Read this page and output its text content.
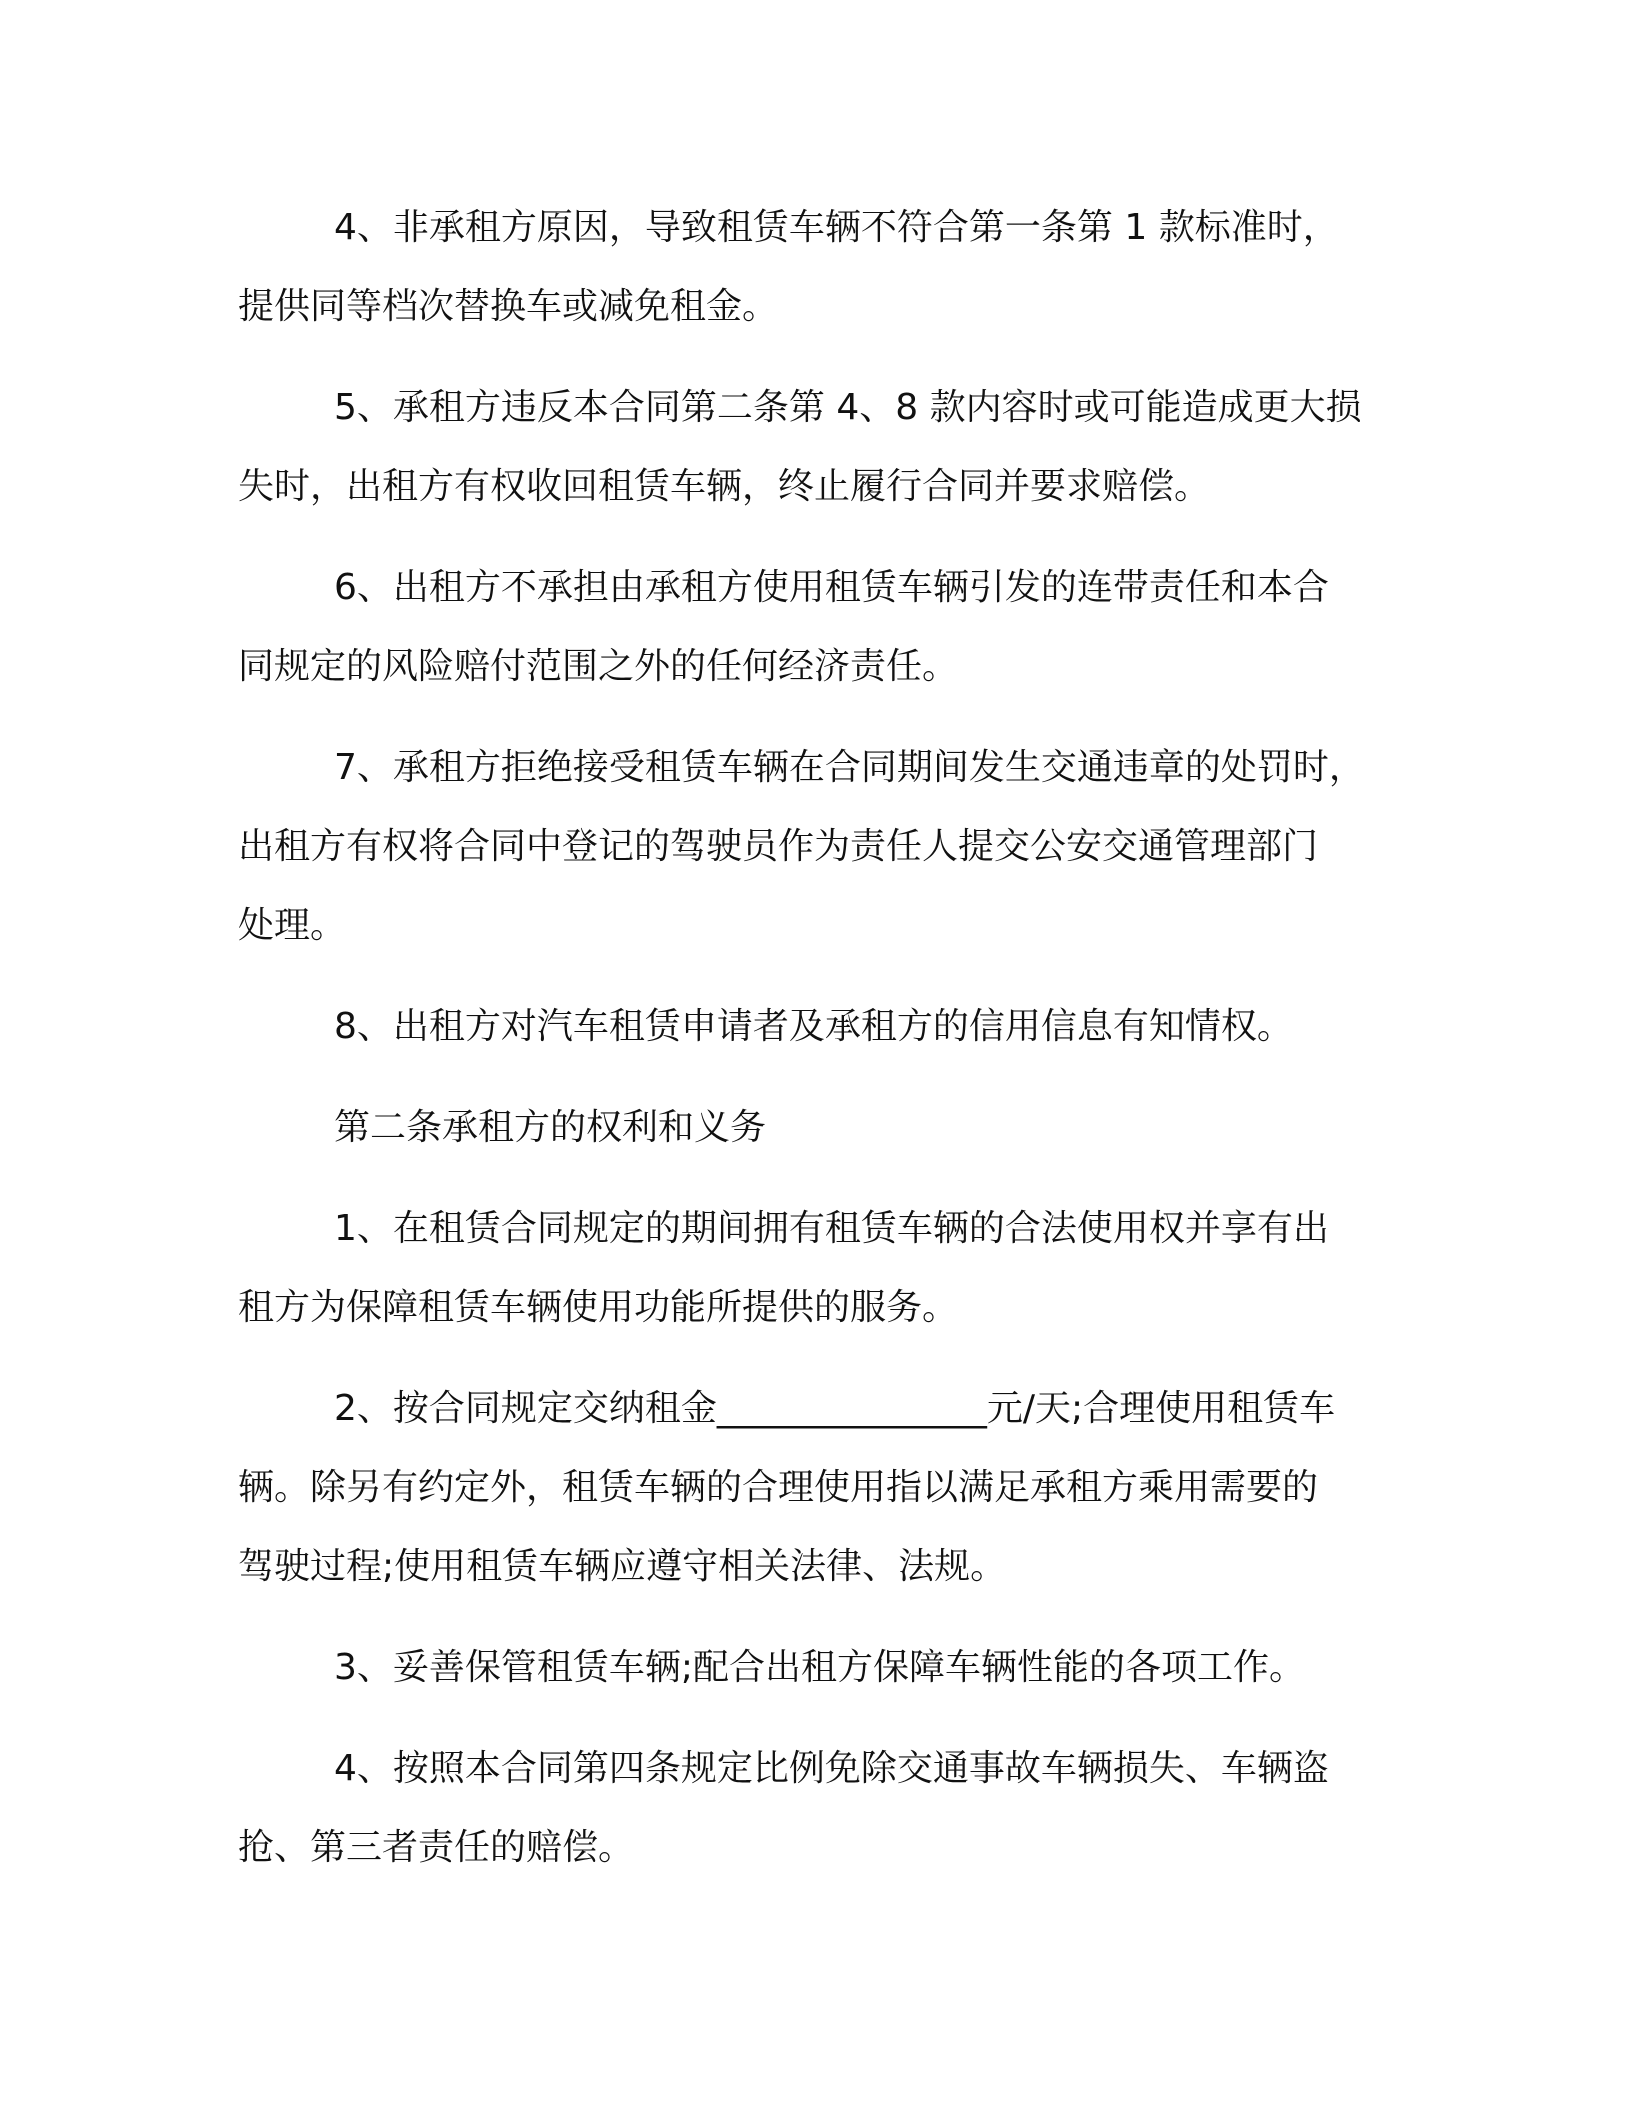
4、非承租方原因，导致租赁车辆不符合第一条第 1 款标准时，
提供同等档次替换车或减免租金。
5、承租方违反本合同第二条第 4、8 款内容时或可能造成更大损
失时，出租方有权收回租赁车辆，终止履行合同并要求赔偿。
6、出租方不承担由承租方使用租赁车辆引发的连带责任和本合
同规定的风险赔付范围之外的任何经济责任。
7、承租方拒绝接受租赁车辆在合同期间发生交通违章的处罚时，
出租方有权将合同中登记的驾驶员作为责任人提交公安交通管理部门
处理。
8、出租方对汽车租赁申请者及承租方的信用信息有知情权。
第二条承租方的权利和义务
1、在租赁合同规定的期间拥有租赁车辆的合法使用权并享有出
租方为保障租赁车辆使用功能所提供的服务。
2、按合同规定交纳租金_______________元/天;合理使用租赁车
辆。除另有约定外，租赁车辆的合理使用指以满足承租方乘用需要的
驾驶过程;使用租赁车辆应遵守相关法律、法规。
3、妥善保管租赁车辆;配合出租方保障车辆性能的各项工作。
4、按照本合同第四条规定比例免除交通事故车辆损失、车辆盗
抢、第三者责任的赔偿。
